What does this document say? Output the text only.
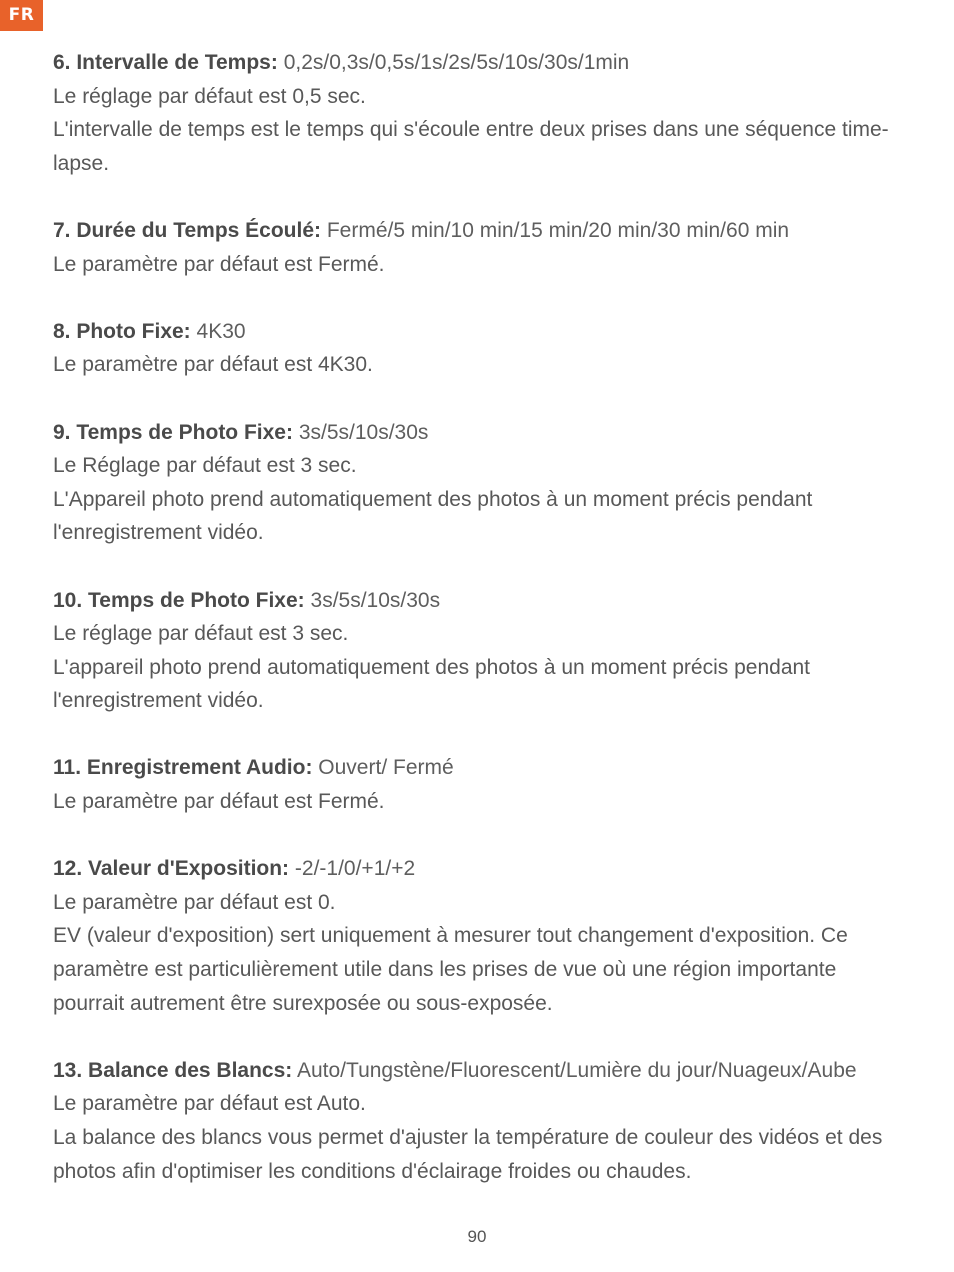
FR

6. Intervalle de Temps: 0,2s/0,3s/0,5s/1s/2s/5s/10s/30s/1min

Le réglage par défaut est 0,5 sec.

L'intervalle de temps est le temps qui s'écoule entre deux prises dans une séquence time-lapse.

7. Durée du Temps Écoulé: Fermé/5 min/10 min/15 min/20 min/30 min/60 min

Le paramètre par défaut est Fermé.

8. Photo Fixe: 4K30

Le paramètre par défaut est 4K30.

9. Temps de Photo Fixe: 3s/5s/10s/30s

Le Réglage par défaut est 3 sec.

L'Appareil photo prend automatiquement des photos à un moment précis pendant l'enregistrement vidéo.

10. Temps de Photo Fixe: 3s/5s/10s/30s

Le réglage par défaut est 3 sec.

L'appareil photo prend automatiquement des photos à un moment précis pendant l'enregistrement vidéo.

11. Enregistrement Audio: Ouvert/ Fermé

Le paramètre par défaut est Fermé.

12. Valeur d'Exposition: -2/-1/0/+1/+2

Le paramètre par défaut est 0.

EV (valeur d'exposition) sert uniquement à mesurer tout changement d'exposition. Ce paramètre est particulièrement utile dans les prises de vue où une région importante pourrait autrement être surexposée ou sous-exposée.

13. Balance des Blancs: Auto/Tungstène/Fluorescent/Lumière du jour/Nuageux/Aube

Le paramètre par défaut est Auto.

La balance des blancs vous permet d'ajuster la température de couleur des vidéos et des photos afin d'optimiser les conditions d'éclairage froides ou chaudes.

90
